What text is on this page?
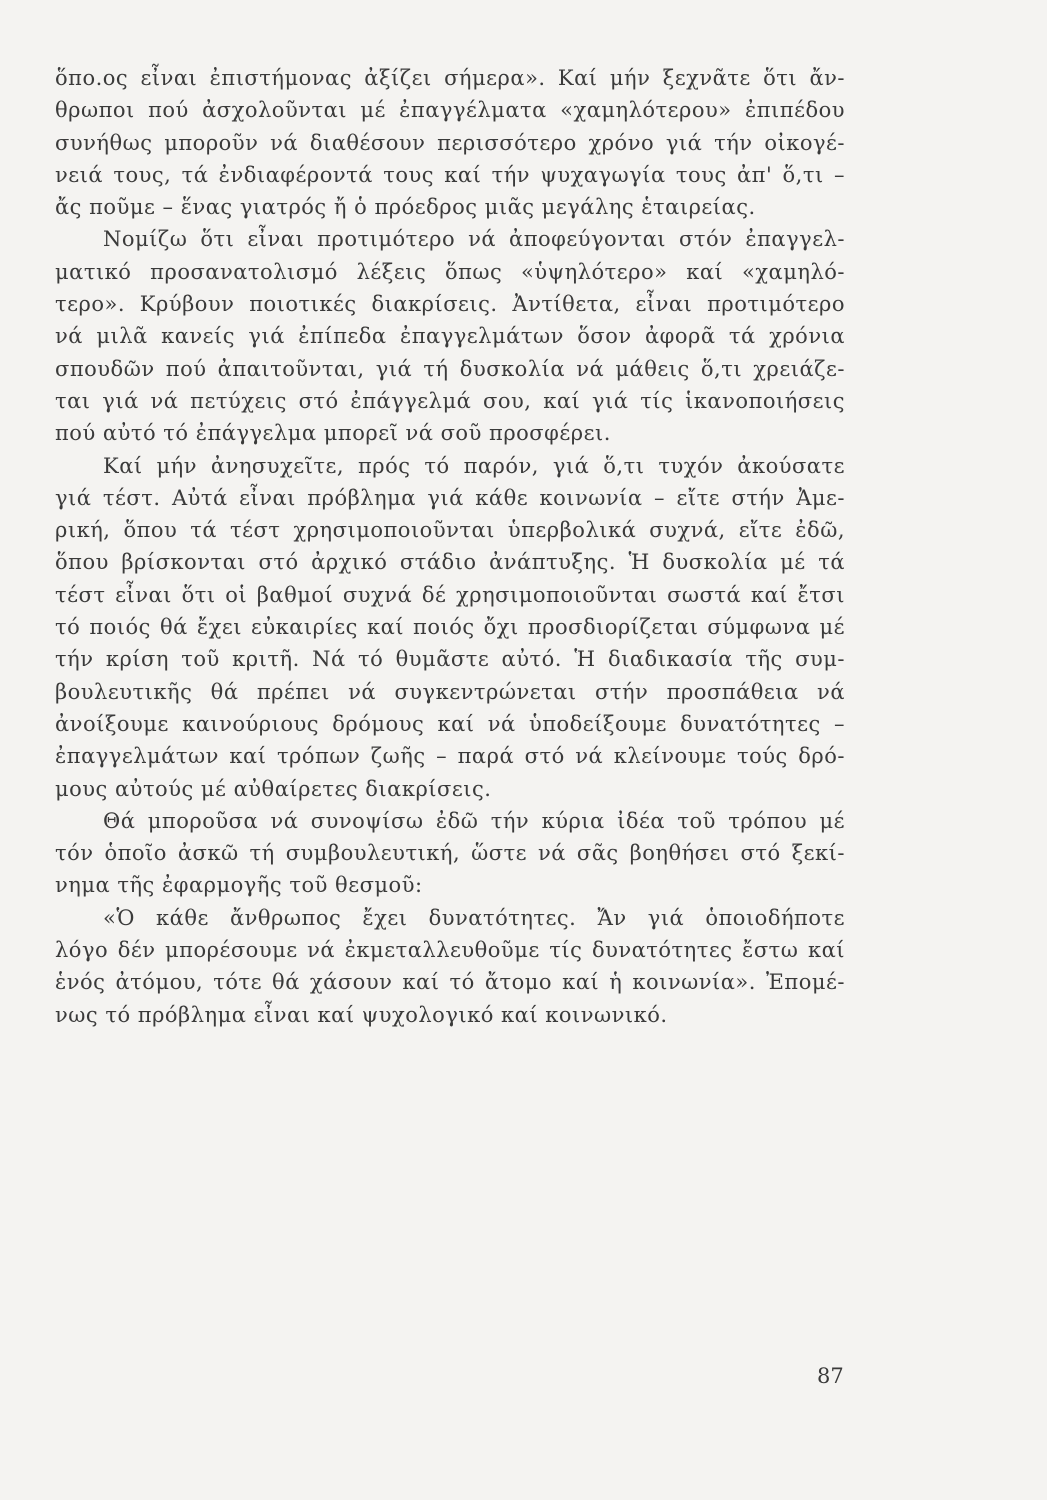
ὅπο.ος εἶναι ἐπιστήμονας ἀξίζει σήμερα». Καί μήν ξεχνᾶτε ὅτι ἄν-
θρωποι πού ἀσχολοῦνται μέ ἐπαγγέλματα «χαμηλότερου» ἐπιπέδου
συνήθως μποροῦν νά διαθέσουν περισσότερο χρόνο γιά τήν οἰκογέ-
νειά τους, τά ἐνδιαφέροντά τους καί τήν ψυχαγωγία τους ἀπ' ὅ,τι –
ἄς ποῦμε – ἕνας γιατρός ἤ ὁ πρόεδρος μιᾶς μεγάλης ἑταιρείας.
Νομίζω ὅτι εἶναι προτιμότερο νά ἀποφεύγονται στόν ἐπαγγελ-
ματικό προσανατολισμό λέξεις ὅπως «ὑψηλότερο» καί «χαμηλό-
τερο». Κρύβουν ποιοτικές διακρίσεις. Ἀντίθετα, εἶναι προτιμότερο
νά μιλᾶ κανείς γιά ἐπίπεδα ἐπαγγελμάτων ὅσον ἀφορᾶ τά χρόνια
σπουδῶν πού ἀπαιτοῦνται, γιά τή δυσκολία νά μάθεις ὅ,τι χρειάζε-
ται γιά νά πετύχεις στό ἐπάγγελμά σου, καί γιά τίς ἱκανοποιήσεις
πού αὐτό τό ἐπάγγελμα μπορεῖ νά σοῦ προσφέρει.
Καί μήν ἀνησυχεῖτε, πρός τό παρόν, γιά ὅ,τι τυχόν ἀκούσατε
γιά τέστ. Αὐτά εἶναι πρόβλημα γιά κάθε κοινωνία – εἴτε στήν Ἀμε-
ρική, ὅπου τά τέστ χρησιμοποιοῦνται ὑπερβολικά συχνά, εἴτε ἐδῶ,
ὅπου βρίσκονται στό ἀρχικό στάδιο ἀνάπτυξης. Ἡ δυσκολία μέ τά
τέστ εἶναι ὅτι οἱ βαθμοί συχνά δέ χρησιμοποιοῦνται σωστά καί ἔτσι
τό ποιός θά ἔχει εὐκαιρίες καί ποιός ὄχι προσδιορίζεται σύμφωνα μέ
τήν κρίση τοῦ κριτῆ. Νά τό θυμᾶστε αὐτό. Ἡ διαδικασία τῆς συμ-
βουλευτικῆς θά πρέπει νά συγκεντρώνεται στήν προσπάθεια νά
ἀνοίξουμε καινούριους δρόμους καί νά ὑποδείξουμε δυνατότητες –
ἐπαγγελμάτων καί τρόπων ζωῆς – παρά στό νά κλείνουμε τούς δρό-
μους αὐτούς μέ αὐθαίρετες διακρίσεις.
Θά μποροῦσα νά συνοψίσω ἐδῶ τήν κύρια ἰδέα τοῦ τρόπου μέ
τόν ὁποῖο ἀσκῶ τή συμβουλευτική, ὥστε νά σᾶς βοηθήσει στό ξεκί-
νημα τῆς ἐφαρμογῆς τοῦ θεσμοῦ:
«Ὁ κάθε ἄνθρωπος ἔχει δυνατότητες. Ἄν γιά ὁποιοδήποτε
λόγο δέν μπορέσουμε νά ἐκμεταλλευθοῦμε τίς δυνατότητες ἔστω καί
ἑνός ἀτόμου, τότε θά χάσουν καί τό ἄτομο καί ἡ κοινωνία». Ἐπομέ-
νως τό πρόβλημα εἶναι καί ψυχολογικό καί κοινωνικό.
87
